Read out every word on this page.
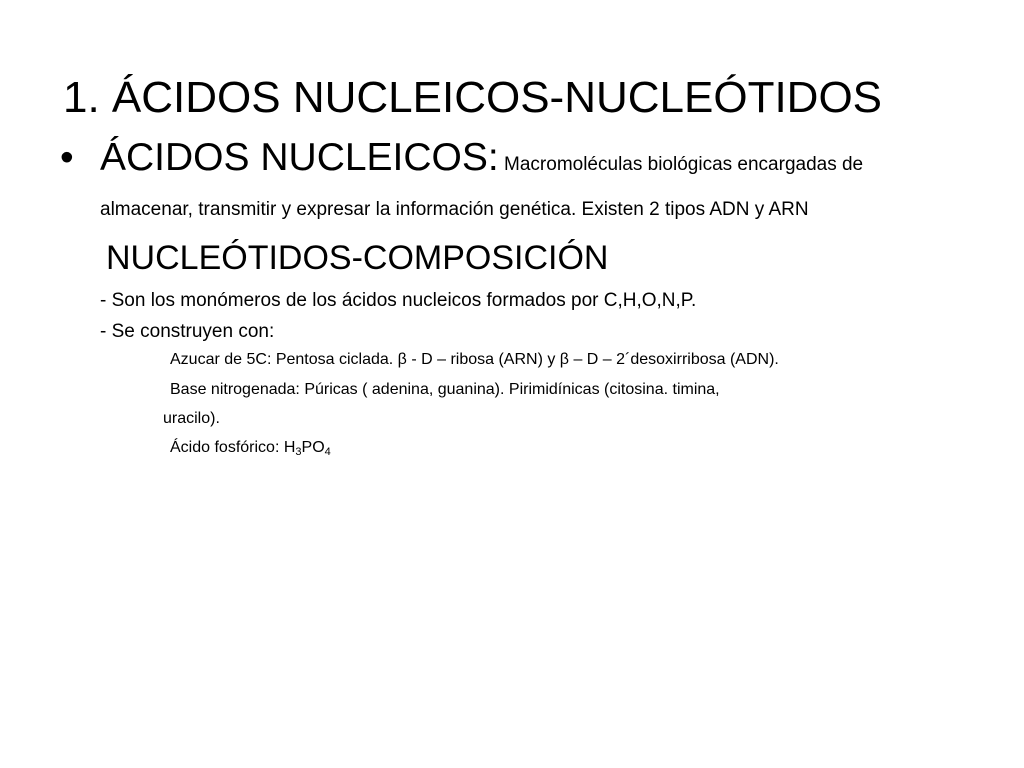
1. ÁCIDOS NUCLEICOS-NUCLEÓTIDOS
• ÁCIDOS NUCLEICOS: Macromoléculas biológicas encargadas de
almacenar, transmitir y expresar la información genética. Existen 2 tipos ADN y ARN
NUCLEÓTIDOS-COMPOSICIÓN
- Son los monómeros de los ácidos nucleicos formados por C,H,O,N,P.
- Se construyen con:
Azucar de 5C: Pentosa ciclada. β - D – ribosa (ARN) y β – D – 2´desoxirribosa (ADN).
Base nitrogenada: Púricas ( adenina, guanina). Pirimidínicas (citosina. timina,
uracilo).
Ácido fosfórico: $H_3PO_4$
